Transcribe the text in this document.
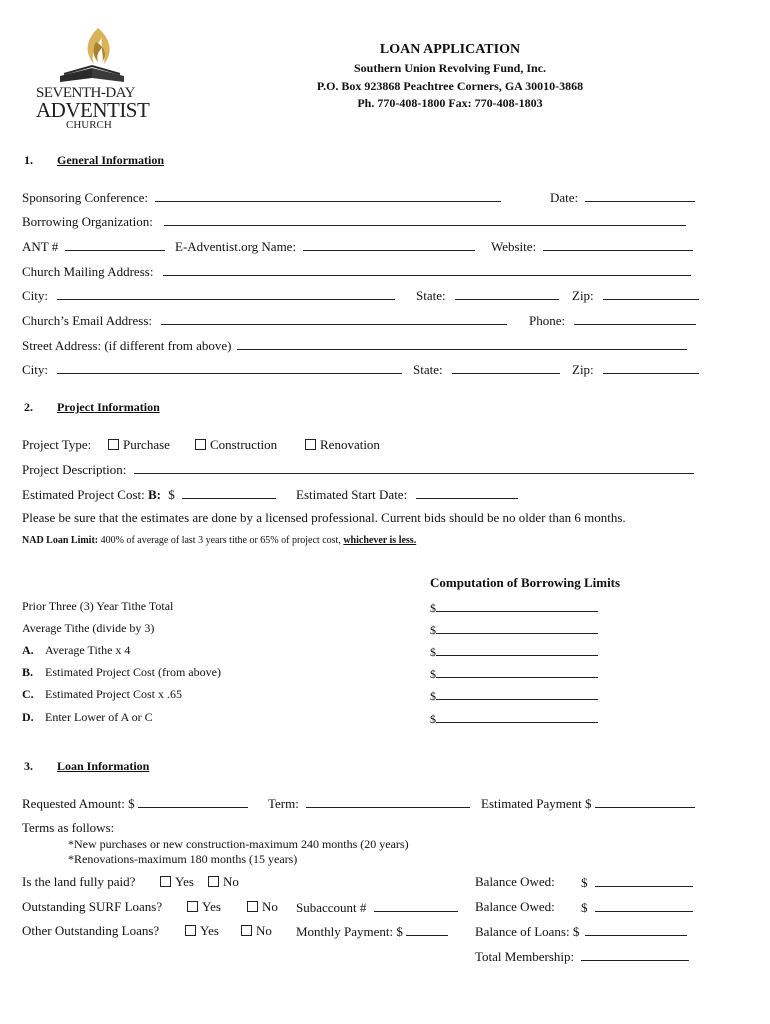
SEVENTH-DAY
ADVENTIST
CHURCH
LOAN APPLICATION
Southern Union Revolving Fund, Inc.
P.O. Box 923868 Peachtree Corners, GA 30010-3868
Ph. 770-408-1800 Fax: 770-408-1803
1. General Information
Sponsoring Conference:	Date:
Borrowing Organization:
ANT #	E-Adventist.org Name:	Website:
Church Mailing Address:
City:	State:	Zip:
Church’s Email Address:	Phone:
Street Address: (if different from above)
City:	State:	Zip:
2. Project Information
Project Type:	Purchase	Construction	Renovation
Project Description:
Estimated Project Cost: B: $	Estimated Start Date:
Please be sure that the estimates are done by a licensed professional. Current bids should be no older than 6 months.
NAD Loan Limit: 400% of average of last 3 years tithe or 65% of project cost, whichever is less.
Computation of Borrowing Limits
Prior Three (3) Year Tithe Total	$
Average Tithe (divide by 3)	$
A. Average Tithe x 4	$
B. Estimated Project Cost (from above)	$
C. Estimated Project Cost x .65	$
D. Enter Lower of A or C	$
3. Loan Information
Requested Amount: $	Term:	Estimated Payment $
Terms as follows:
*New purchases or new construction-maximum 240 months (20 years)
*Renovations-maximum 180 months (15 years)
Is the land fully paid?	Yes	No	Balance Owed: $
Outstanding SURF Loans?	Yes	No Subaccount #	Balance Owed: $
Other Outstanding Loans?	Yes	No Monthly Payment: $	Balance of Loans: $
Total Membership:
